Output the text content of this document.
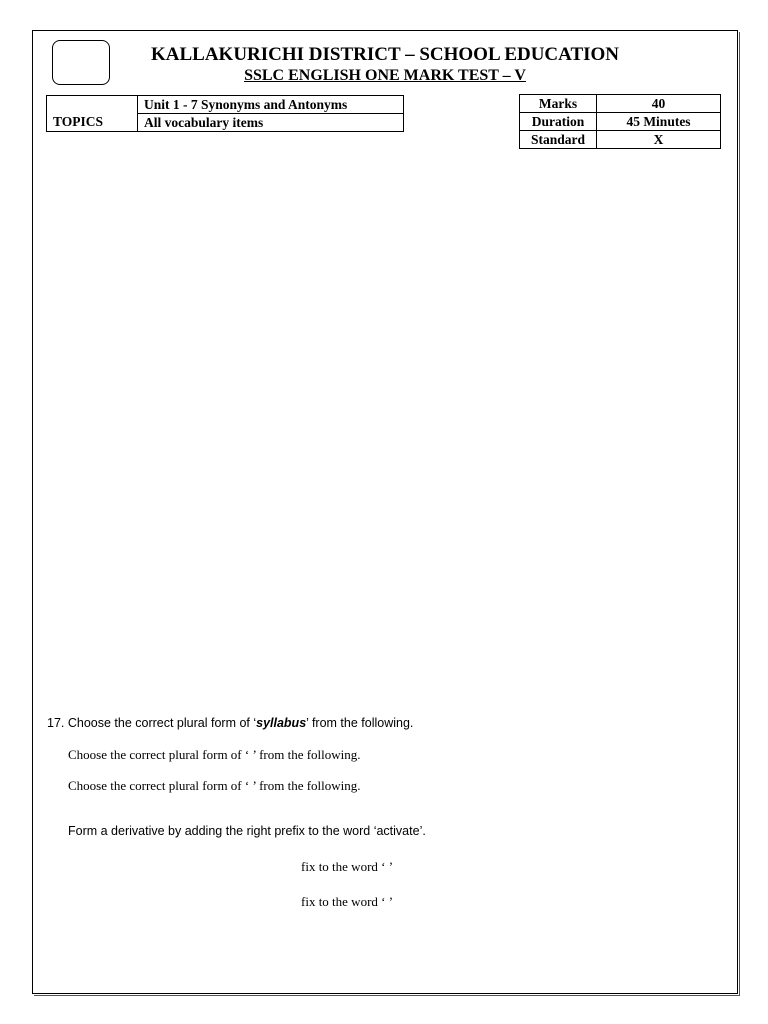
KALLAKURICHI DISTRICT – SCHOOL EDUCATION
SSLC ENGLISH ONE MARK TEST – V
TOPICS	Unit 1 - 7 Synonyms and Antonyms
All vocabulary items
Marks	40
Duration	45 Minutes
Standard	X
17. Choose the correct plural form of ‘syllabus’ from the following.
Choose the correct plural form of ‘ ’ from the following.
Choose the correct plural form of ‘ ’ from the following.
Form a derivative by adding the right prefix to the word ‘activate’.
fix to the word ‘ ’
fix to the word ‘ ’
